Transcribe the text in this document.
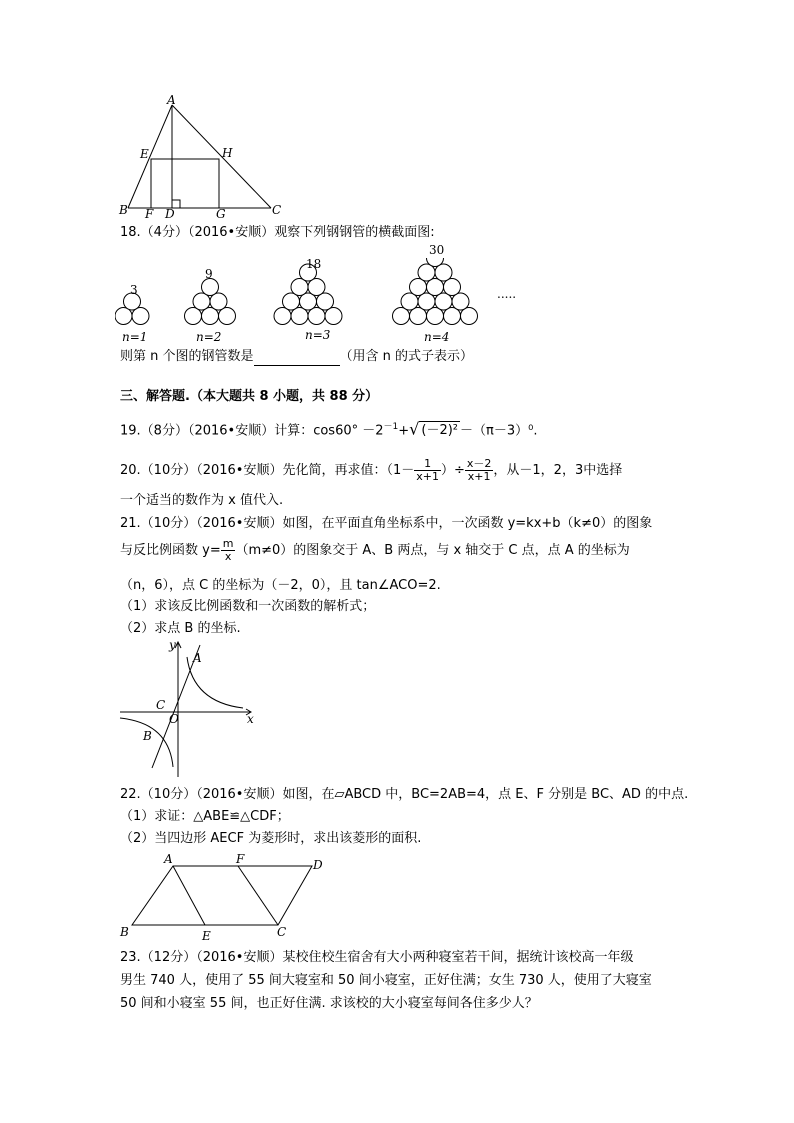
A
E	H
B F D	G	C
18.（4分）（2016•安顺）观察下列钢钢管的横截面图:
3
9
18
30
.....
n=1	n=2	n=3	n=4
则第 n 个图的钢管数是	（用含 n 的式子表示）
三、解答题.（本大题共 8 小题，共 88 分）
19.（8分）（2016•安顺）计算：$\cos 60^\circ -2^{-1}+√$ (－2)² －（π－3）⁰.
20.（10分）（2016•安顺）先化简，再求值：（$1- \frac{1}{x+1}$ ）÷ $\frac{x-2}{x+1}$ ，从－1，2，3中选择
一个适当的数作为 x 值代入.
21.（10分）（2016•安顺）如图，在平面直角坐标系中，一次函数 y=kx+b（k≠0）的图象
与反比例函数 $y= \frac{m}{x} (m\ne 0)$的图象交于 A、B 两点，与 x 轴交于 C 点，点 A 的坐标为
（n，6），点 C 的坐标为（－2，0），且 tan∠ACO=2.
（1）求该反比例函数和一次函数的解析式；
（2）求点 B 的坐标.
y
A
C
O	x
B
22.（10分）（2016•安顺）如图，在▱ABCD 中，BC=2AB=4，点 E、F 分别是 BC、AD 的中点.
（1）求证：△ABE≌△CDF；
（2）当四边形 AECF 为菱形时，求出该菱形的面积.
A	F	D
B	E	C
23.（12分）（2016•安顺）某校住校生宿舍有大小两种寝室若干间，据统计该校高一年级
男生 740 人，使用了 55 间大寝室和 50 间小寝室，正好住满；女生 730 人，使用了大寝室
50 间和小寝室 55 间，也正好住满. 求该校的大小寝室每间各住多少人？
